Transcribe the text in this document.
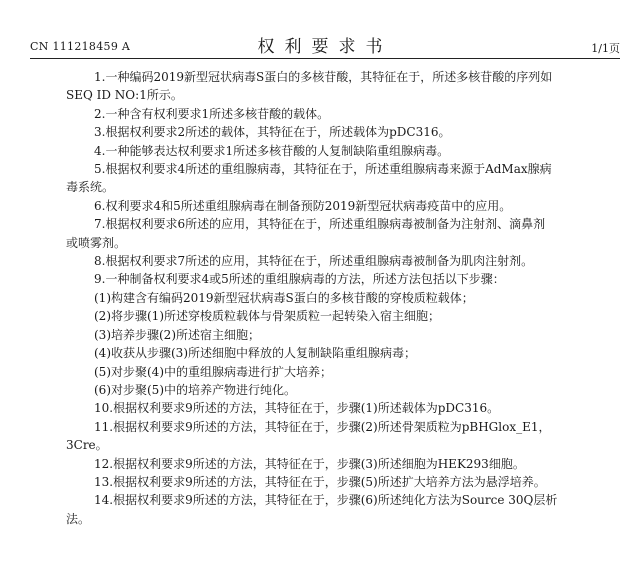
CN 111218459 A	权利要求书	1/1页

1.一种编码2019新型冠状病毒S蛋白的多核苷酸，其特征在于，所述多核苷酸的序列如

SEQ ID NO:1所示。

2.一种含有权利要求1所述多核苷酸的载体。

3.根据权利要求2所述的载体，其特征在于，所述载体为pDC316。

4.一种能够表达权利要求1所述多核苷酸的人复制缺陷重组腺病毒。

5.根据权利要求4所述的重组腺病毒，其特征在于，所述重组腺病毒来源于AdMax腺病

毒系统。

6.权利要求4和5所述重组腺病毒在制备预防2019新型冠状病毒疫苗中的应用。

7.根据权利要求6所述的应用，其特征在于，所述重组腺病毒被制备为注射剂、滴鼻剂

或喷雾剂。

8.根据权利要求7所述的应用，其特征在于，所述重组腺病毒被制备为肌肉注射剂。

9.一种制备权利要求4或5所述的重组腺病毒的方法，所述方法包括以下步骤：

(1)构建含有编码2019新型冠状病毒S蛋白的多核苷酸的穿梭质粒载体；

(2)将步骤(1)所述穿梭质粒载体与骨架质粒一起转染入宿主细胞；

(3)培养步骤(2)所述宿主细胞；

(4)收获从步骤(3)所述细胞中释放的人复制缺陷重组腺病毒；

(5)对步聚(4)中的重组腺病毒进行扩大培养；

(6)对步聚(5)中的培养产物进行纯化。

10.根据权利要求9所述的方法，其特征在于，步骤(1)所述载体为pDC316。

11.根据权利要求9所述的方法，其特征在于，步骤(2)所述骨架质粒为pBHGlox_E1，

3Cre。

12.根据权利要求9所述的方法，其特征在于，步骤(3)所述细胞为HEK293细胞。

13.根据权利要求9所述的方法，其特征在于，步骤(5)所述扩大培养方法为悬浮培养。

14.根据权利要求9所述的方法，其特征在于，步骤(6)所述纯化方法为Source 30Q层析

法。
